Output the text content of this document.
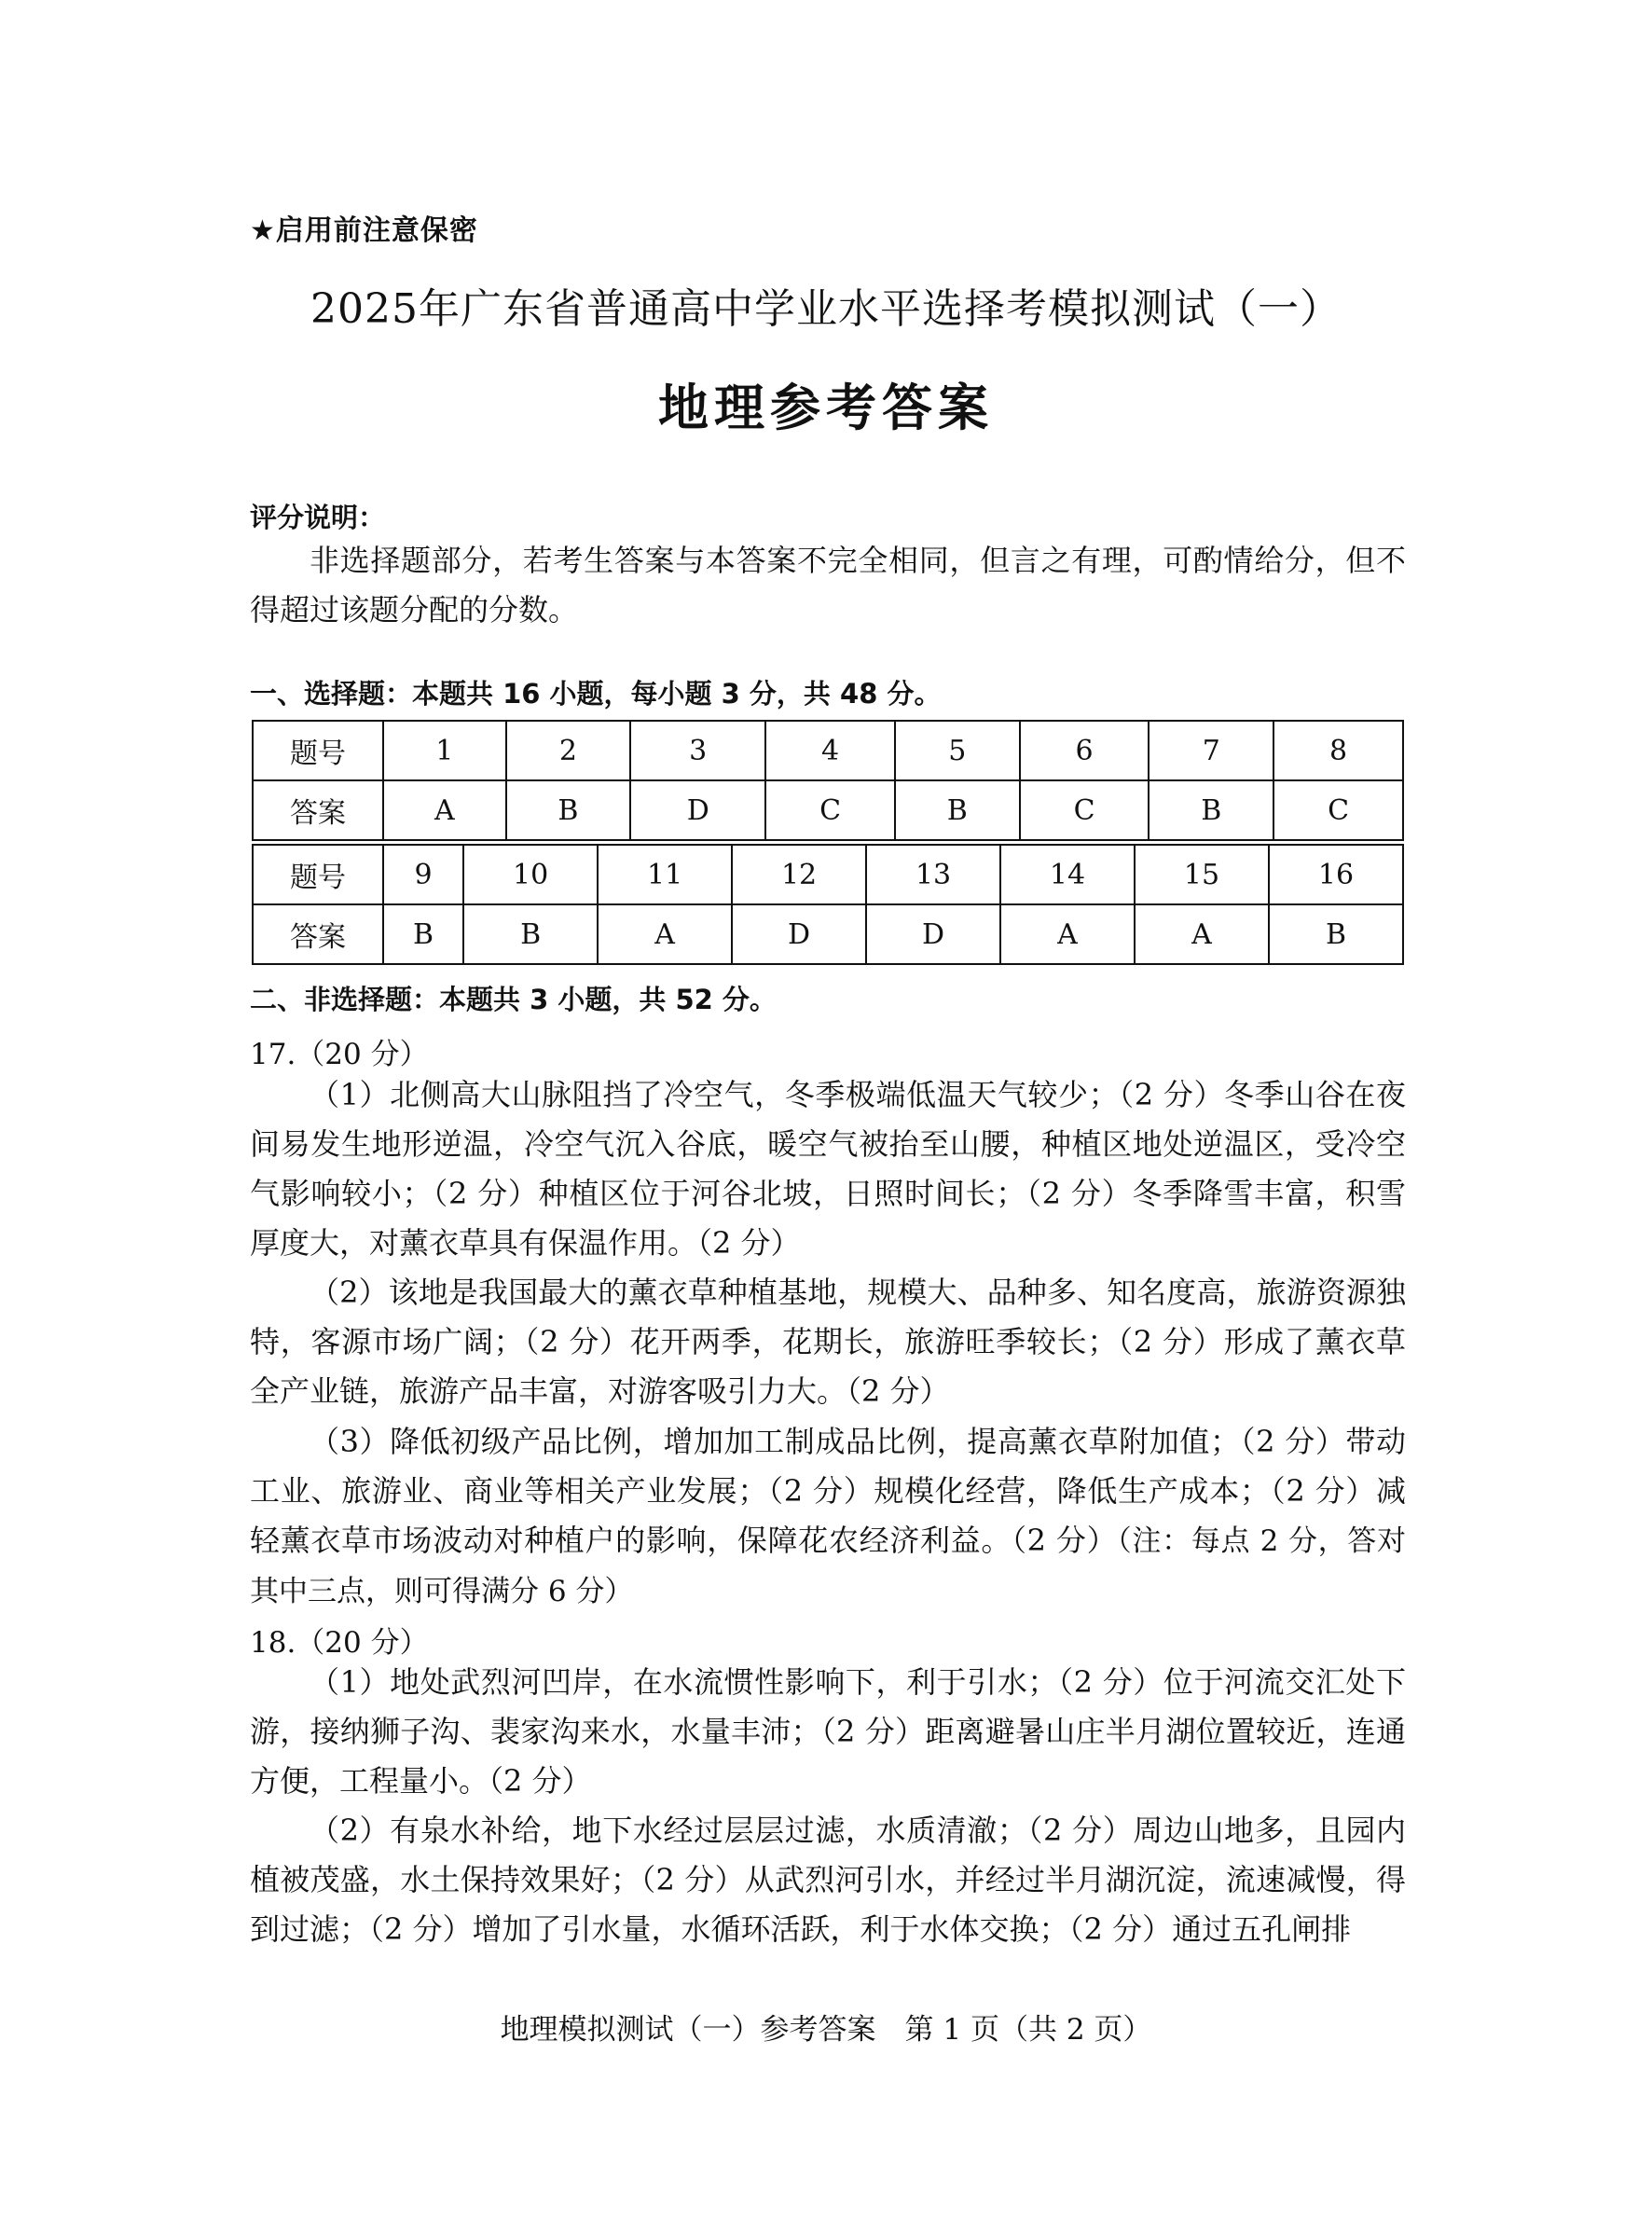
★启用前注意保密
2025年广东省普通高中学业水平选择考模拟测试（一）
地理参考答案
评分说明：
非选择题部分，若考生答案与本答案不完全相同，但言之有理，可酌情给分，但不得超过该题分配的分数。
一、选择题：本题共 16 小题，每小题 3 分，共 48 分。
题号	1	2	3	4	5	6	7	8
答案	A	B	D	C	B	C	B	C
题号	9	10	11	12	13	14	15	16
答案	B	B	A	D	D	A	A	B
二、非选择题：本题共 3 小题，共 52 分。
17.（20 分）
（1）北侧高大山脉阻挡了冷空气，冬季极端低温天气较少；（2 分）冬季山谷在夜间易发生地形逆温，冷空气沉入谷底，暖空气被抬至山腰，种植区地处逆温区，受冷空气影响较小；（2 分）种植区位于河谷北坡，日照时间长；（2 分）冬季降雪丰富，积雪厚度大，对薰衣草具有保温作用。（2 分）
（2）该地是我国最大的薰衣草种植基地，规模大、品种多、知名度高，旅游资源独特，客源市场广阔；（2 分）花开两季，花期长，旅游旺季较长；（2 分）形成了薰衣草全产业链，旅游产品丰富，对游客吸引力大。（2 分）
（3）降低初级产品比例，增加加工制成品比例，提高薰衣草附加值；（2 分）带动工业、旅游业、商业等相关产业发展；（2 分）规模化经营，降低生产成本；（2 分）减轻薰衣草市场波动对种植户的影响，保障花农经济利益。（2 分）（注：每点 2 分，答对其中三点，则可得满分 6 分）
18.（20 分）
（1）地处武烈河凹岸，在水流惯性影响下，利于引水；（2 分）位于河流交汇处下游，接纳狮子沟、裴家沟来水，水量丰沛；（2 分）距离避暑山庄半月湖位置较近，连通方便，工程量小。（2 分）
（2）有泉水补给，地下水经过层层过滤，水质清澈；（2 分）周边山地多，且园内植被茂盛，水土保持效果好；（2 分）从武烈河引水，并经过半月湖沉淀，流速减慢，得到过滤；（2 分）增加了引水量，水循环活跃，利于水体交换；（2 分）通过五孔闸排
地理模拟测试（一）参考答案　第 1 页（共 2 页）
